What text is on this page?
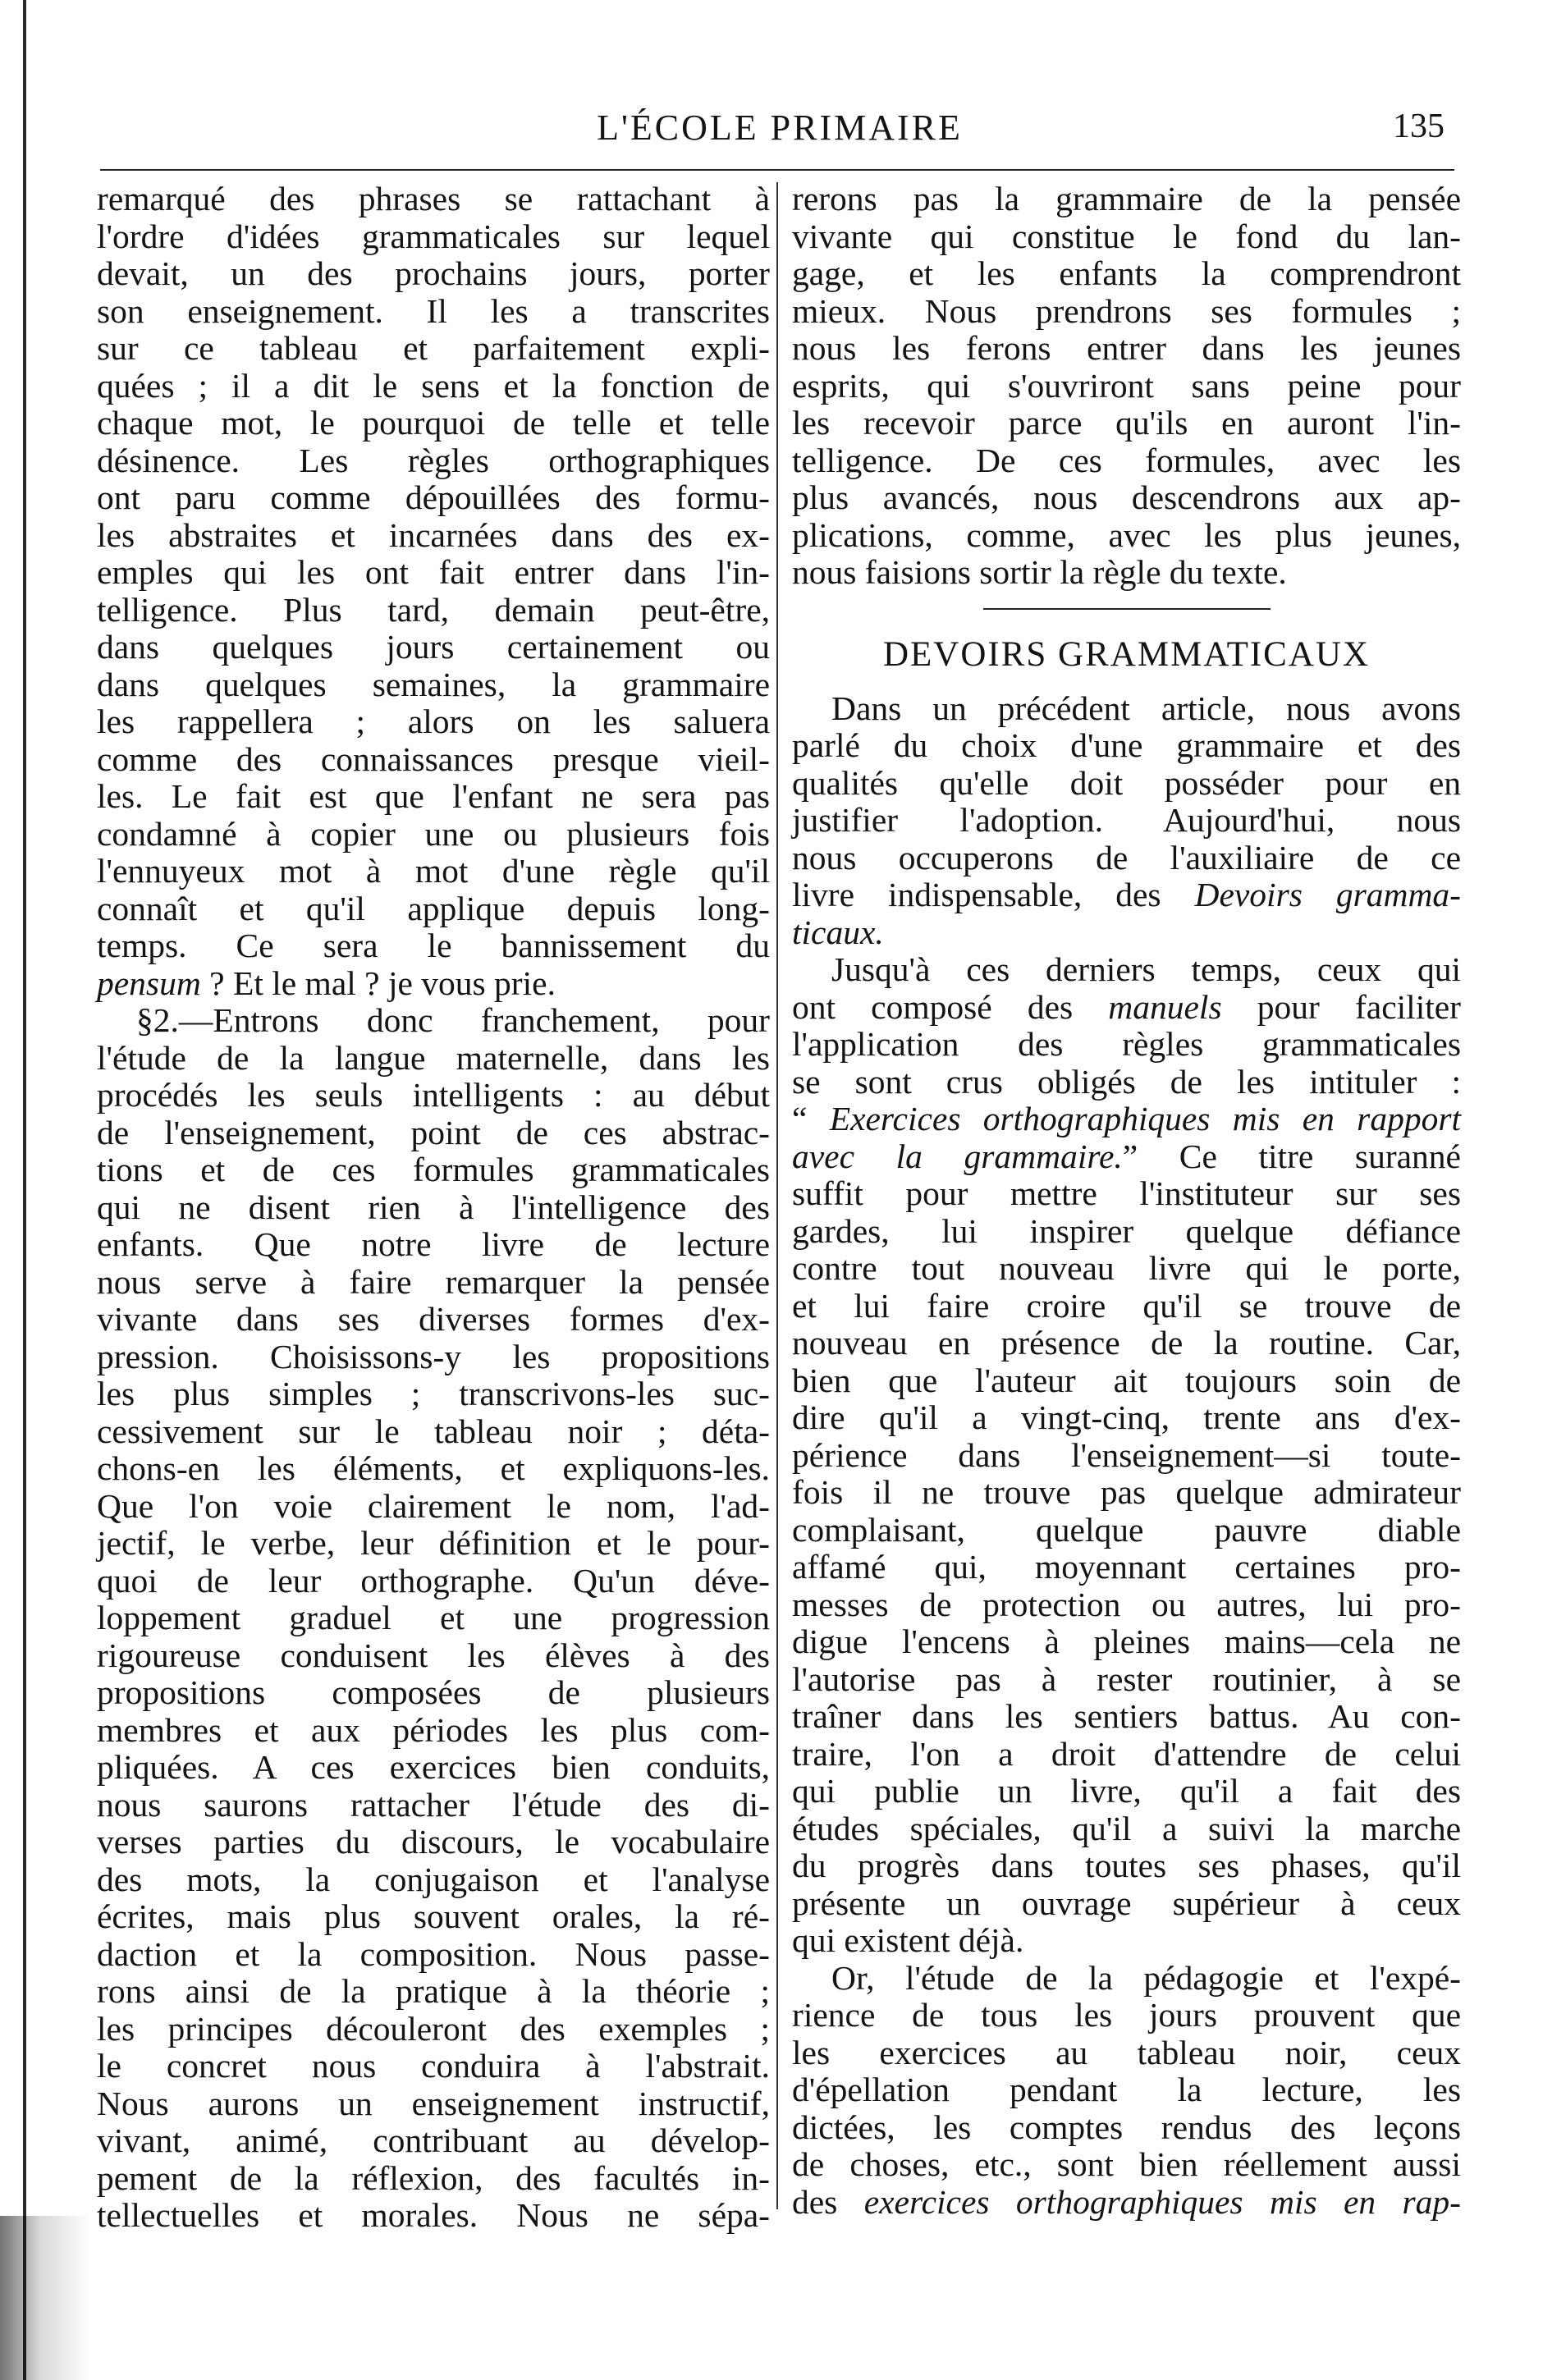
L'ÉCOLE PRIMAIRE	135
remarqué des phrases se rattachant à
l'ordre d'idées grammaticales sur lequel
devait, un des prochains jours, porter
son enseignement. Il les a transcrites
sur ce tableau et parfaitement expli-
quées ; il a dit le sens et la fonction de
chaque mot, le pourquoi de telle et telle
désinence. Les règles orthographiques
ont paru comme dépouillées des formu-
les abstraites et incarnées dans des ex-
emples qui les ont fait entrer dans l'in-
telligence. Plus tard, demain peut-être,
dans quelques jours certainement ou
dans quelques semaines, la grammaire
les rappellera ; alors on les saluera
comme des connaissances presque vieil-
les. Le fait est que l'enfant ne sera pas
condamné à copier une ou plusieurs fois
l'ennuyeux mot à mot d'une règle qu'il
connaît et qu'il applique depuis long-
temps. Ce sera le bannissement du
pensum ? Et le mal ? je vous prie.
§2.—Entrons donc franchement, pour
l'étude de la langue maternelle, dans les
procédés les seuls intelligents : au début
de l'enseignement, point de ces abstrac-
tions et de ces formules grammaticales
qui ne disent rien à l'intelligence des
enfants. Que notre livre de lecture
nous serve à faire remarquer la pensée
vivante dans ses diverses formes d'ex-
pression. Choisissons-y les propositions
les plus simples ; transcrivons-les suc-
cessivement sur le tableau noir ; déta-
chons-en les éléments, et expliquons-les.
Que l'on voie clairement le nom, l'ad-
jectif, le verbe, leur définition et le pour-
quoi de leur orthographe. Qu'un déve-
loppement graduel et une progression
rigoureuse conduisent les élèves à des
propositions composées de plusieurs
membres et aux périodes les plus com-
pliquées. A ces exercices bien conduits,
nous saurons rattacher l'étude des di-
verses parties du discours, le vocabulaire
des mots, la conjugaison et l'analyse
écrites, mais plus souvent orales, la ré-
daction et la composition. Nous passe-
rons ainsi de la pratique à la théorie ;
les principes découleront des exemples ;
le concret nous conduira à l'abstrait.
Nous aurons un enseignement instructif,
vivant, animé, contribuant au dévelop-
pement de la réflexion, des facultés in-
tellectuelles et morales. Nous ne sépa-
rerons pas la grammaire de la pensée
vivante qui constitue le fond du lan-
gage, et les enfants la comprendront
mieux. Nous prendrons ses formules ;
nous les ferons entrer dans les jeunes
esprits, qui s'ouvriront sans peine pour
les recevoir parce qu'ils en auront l'in-
telligence. De ces formules, avec les
plus avancés, nous descendrons aux ap-
plications, comme, avec les plus jeunes,
nous faisions sortir la règle du texte.
DEVOIRS GRAMMATICAUX
Dans un précédent article, nous avons
parlé du choix d'une grammaire et des
qualités qu'elle doit posséder pour en
justifier l'adoption. Aujourd'hui, nous
nous occuperons de l'auxiliaire de ce
livre indispensable, des Devoirs gramma-
ticaux.
Jusqu'à ces derniers temps, ceux qui
ont composé des manuels pour faciliter
l'application des règles grammaticales
se sont crus obligés de les intituler :
“ Exercices orthographiques mis en rapport
avec la grammaire.” Ce titre suranné
suffit pour mettre l'instituteur sur ses
gardes, lui inspirer quelque défiance
contre tout nouveau livre qui le porte,
et lui faire croire qu'il se trouve de
nouveau en présence de la routine. Car,
bien que l'auteur ait toujours soin de
dire qu'il a vingt-cinq, trente ans d'ex-
périence dans l'enseignement—si toute-
fois il ne trouve pas quelque admirateur
complaisant, quelque pauvre diable
affamé qui, moyennant certaines pro-
messes de protection ou autres, lui pro-
digue l'encens à pleines mains—cela ne
l'autorise pas à rester routinier, à se
traîner dans les sentiers battus. Au con-
traire, l'on a droit d'attendre de celui
qui publie un livre, qu'il a fait des
études spéciales, qu'il a suivi la marche
du progrès dans toutes ses phases, qu'il
présente un ouvrage supérieur à ceux
qui existent déjà.
Or, l'étude de la pédagogie et l'expé-
rience de tous les jours prouvent que
les exercices au tableau noir, ceux
d'épellation pendant la lecture, les
dictées, les comptes rendus des leçons
de choses, etc., sont bien réellement aussi
des exercices orthographiques mis en rap-
